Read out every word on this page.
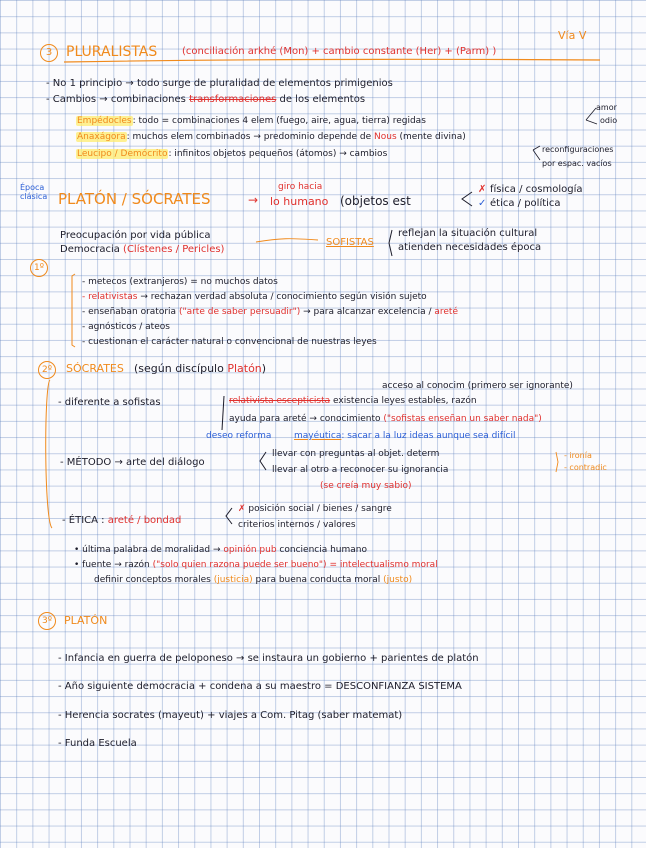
Vía V
3 PLURALISTAS (conciliación arkhé (Mon) + cambio constante (Her) + (Parm) )
- No 1 principio → todo surge de pluralidad de elementos primigenios
- Cambios → combinaciones transformaciones de los elementos
amor
odio
Empédocles: todo = combinaciones 4 elem (fuego, aire, agua, tierra) regidas
Anaxágora: muchos elem combinados → predominio depende de Nous (mente divina)
Leucipo / Demócrito: infinitos objetos pequeños (átomos) → cambios	reconfiguraciones
por espac. vacíos
Época
clásica PLATÓN / SÓCRATES	→
giro hacia
lo humano (objetos est
✗ física / cosmología
✓ ética / política
Preocupación por vida pública
Democracia (Clístenes / Pericles)
SOFISTAS
reflejan la situación cultural
atienden necesidades época
1º
- metecos (extranjeros) = no muchos datos
- relativistas → rechazan verdad absoluta / conocimiento según visión sujeto
- enseñaban oratoria ("arte de saber persuadir") → para alcanzar excelencia / areté
- agnósticos / ateos
- cuestionan el carácter natural o convencional de nuestras leyes
2º	SÓCRATES (según discípulo Platón)
acceso al conocim (primero ser ignorante)
- diferente a sofistas	relativista escepticista existencia leyes estables, razón
ayuda para areté → conocimiento ("sofistas enseñan un saber nada")
deseo reforma	mayéutica: sacar a la luz ideas aunque sea difícil
- MÉTODO → arte del diálogo
llevar con preguntas al objet. determ
llevar al otro a reconocer su ignorancia
(se creía muy sabio)
- ironía
- contradic
- ÉTICA : areté / bondad
✗ posición social / bienes / sangre
criterios internos / valores
• última palabra de moralidad → opinión pub conciencia humano
• fuente → razón ("solo quien razona puede ser bueno") = intelectualismo moral
definir conceptos morales (justicia) para buena conducta moral (justo)
3º	PLATÓN
- Infancia en guerra de peloponeso → se instaura un gobierno + parientes de platón
- Año siguiente democracia + condena a su maestro = DESCONFIANZA SISTEMA
- Herencia socrates (mayeut) + viajes a Com. Pitag (saber matemat)
- Funda Escuela
